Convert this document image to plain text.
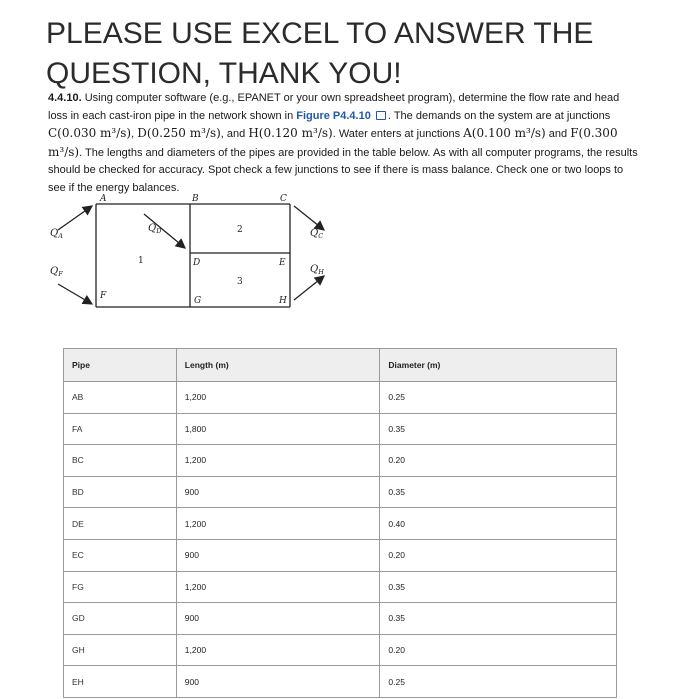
PLEASE USE EXCEL TO ANSWER THE QUESTION, THANK YOU!

4.4.10. Using computer software (e.g., EPANET or your own spreadsheet program), determine the flow rate and head loss in each cast-iron pipe in the network shown in Figure P4.4.10 . The demands on the system are at junctions C(0.030 m³/s), D(0.250 m³/s), and H(0.120 m³/s). Water enters at junctions A(0.100 m³/s) and F(0.300 m³/s). The lengths and diameters of the pipes are provided in the table below. As with all computer programs, the results should be checked for accuracy. Spot check a few junctions to see if there is mass balance. Check one or two loops to see if the energy balances.

A	B	C
D	E
F	G	H
$Q_A$
$Q_F$
$Q_D$	$Q_C$
$Q_H$
1
2
3
Pipe	Length (m)	Diameter (m)
AB	1,200	0.25
FA	1,800	0.35
BC	1,200	0.20
BD	900	0.35
DE	1,200	0.40
EC	900	0.20
FG	1,200	0.35
GD	900	0.35
GH	1,200	0.20
EH	900	0.25
